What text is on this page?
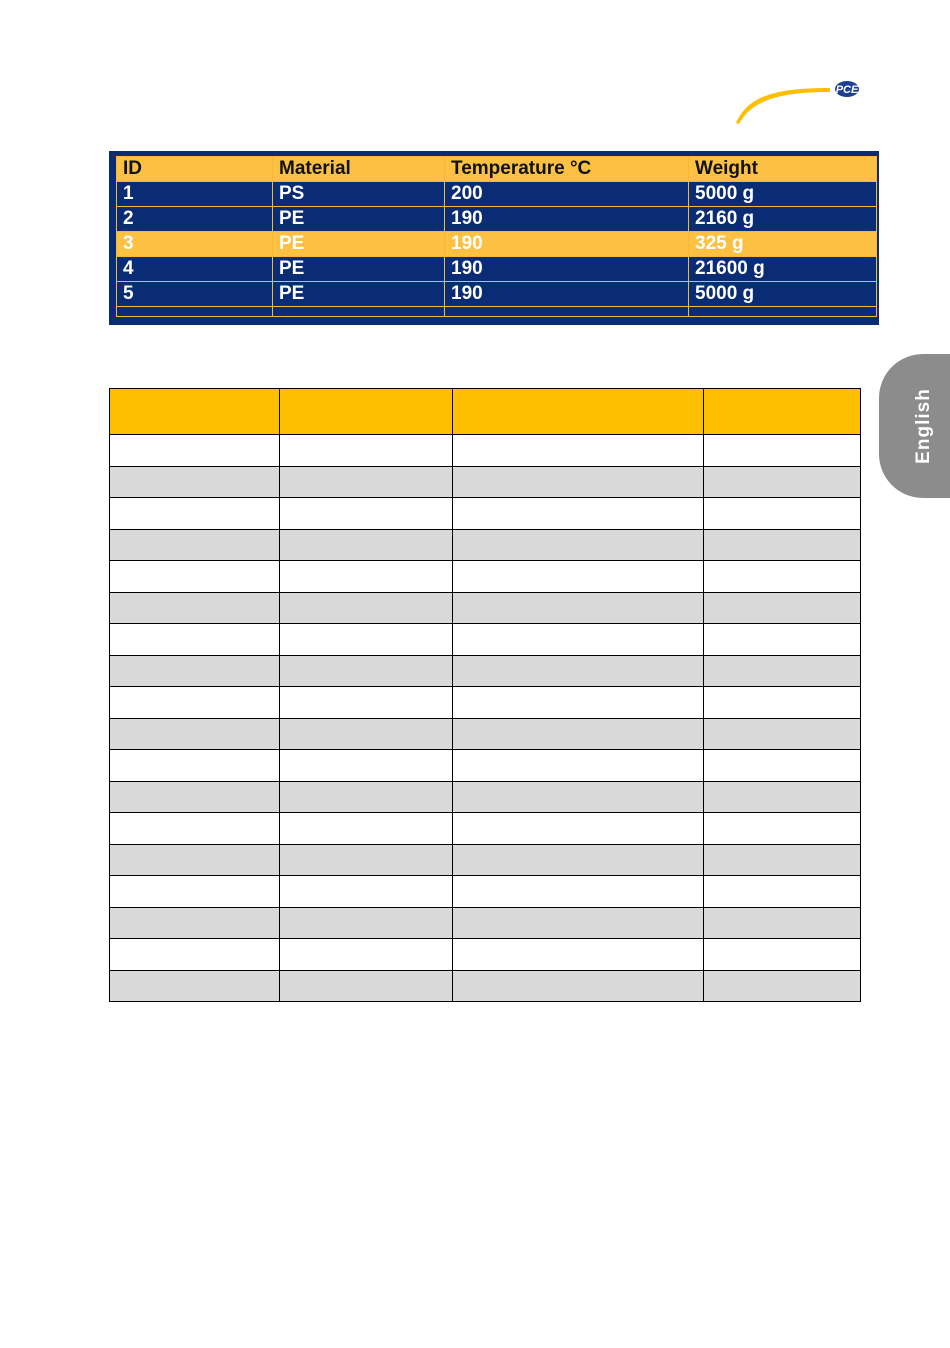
PCE
English
ID	Material	Temperature °C	Weight
1	PS	200	5000 g
2	PE	190	2160 g
3	PE	190	325 g
4	PE	190	21600 g
5	PE	190	5000 g
